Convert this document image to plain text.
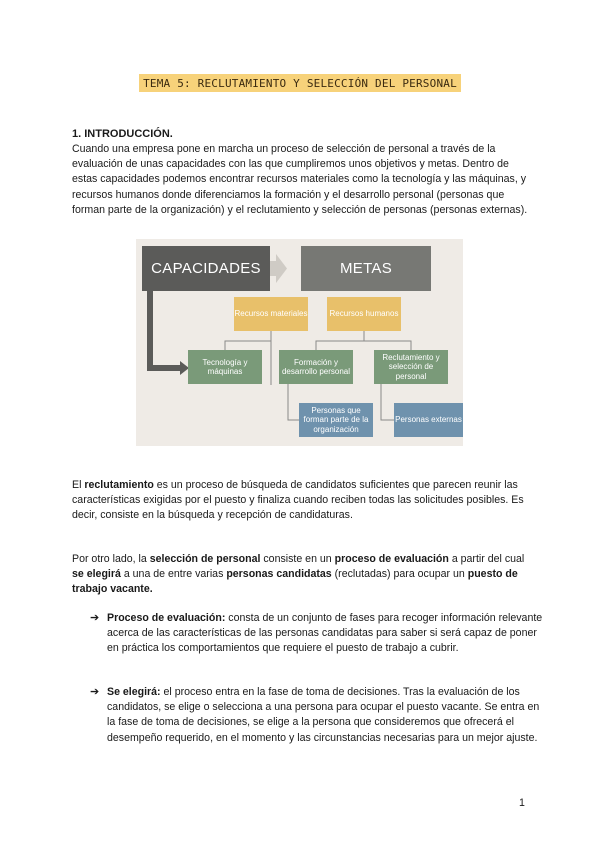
TEMA 5: RECLUTAMIENTO Y SELECCIÓN DEL PERSONAL
1. INTRODUCCIÓN.
Cuando una empresa pone en marcha un proceso de selección de personal a través de la evaluación de unas capacidades con las que cumpliremos unos objetivos y metas. Dentro de estas capacidades podemos encontrar recursos materiales como la tecnología y las máquinas, y recursos humanos donde diferenciamos la formación y el desarrollo personal (personas que forman parte de la organización) y el reclutamiento y selección de personas (personas externas).
CAPACIDADES	METAS
Recursos materiales	Recursos humanos
Tecnología y máquinas
Formación y desarrollo personal
Reclutamiento y selección de personal
Personas que forman parte de la organización
Personas externas
El reclutamiento es un proceso de búsqueda de candidatos suficientes que parecen reunir las características exigidas por el puesto y finaliza cuando reciben todas las solicitudes posibles. Es decir, consiste en la búsqueda y recepción de candidaturas.
Por otro lado, la selección de personal consiste en un proceso de evaluación a partir del cual se elegirá a una de entre varias personas candidatas (reclutadas) para ocupar un puesto de trabajo vacante.
➔ Proceso de evaluación: consta de un conjunto de fases para recoger información relevante acerca de las características de las personas candidatas para saber si será capaz de poner en práctica los comportamientos que requiere el puesto de trabajo a cubrir.
➔ Se elegirá: el proceso entra en la fase de toma de decisiones. Tras la evaluación de los candidatos, se elige o selecciona a una persona para ocupar el puesto vacante. Se entra en la fase de toma de decisiones, se elige a la persona que consideremos que ofrecerá el desempeño requerido, en el momento y las circunstancias necesarias para un mejor ajuste.
1
